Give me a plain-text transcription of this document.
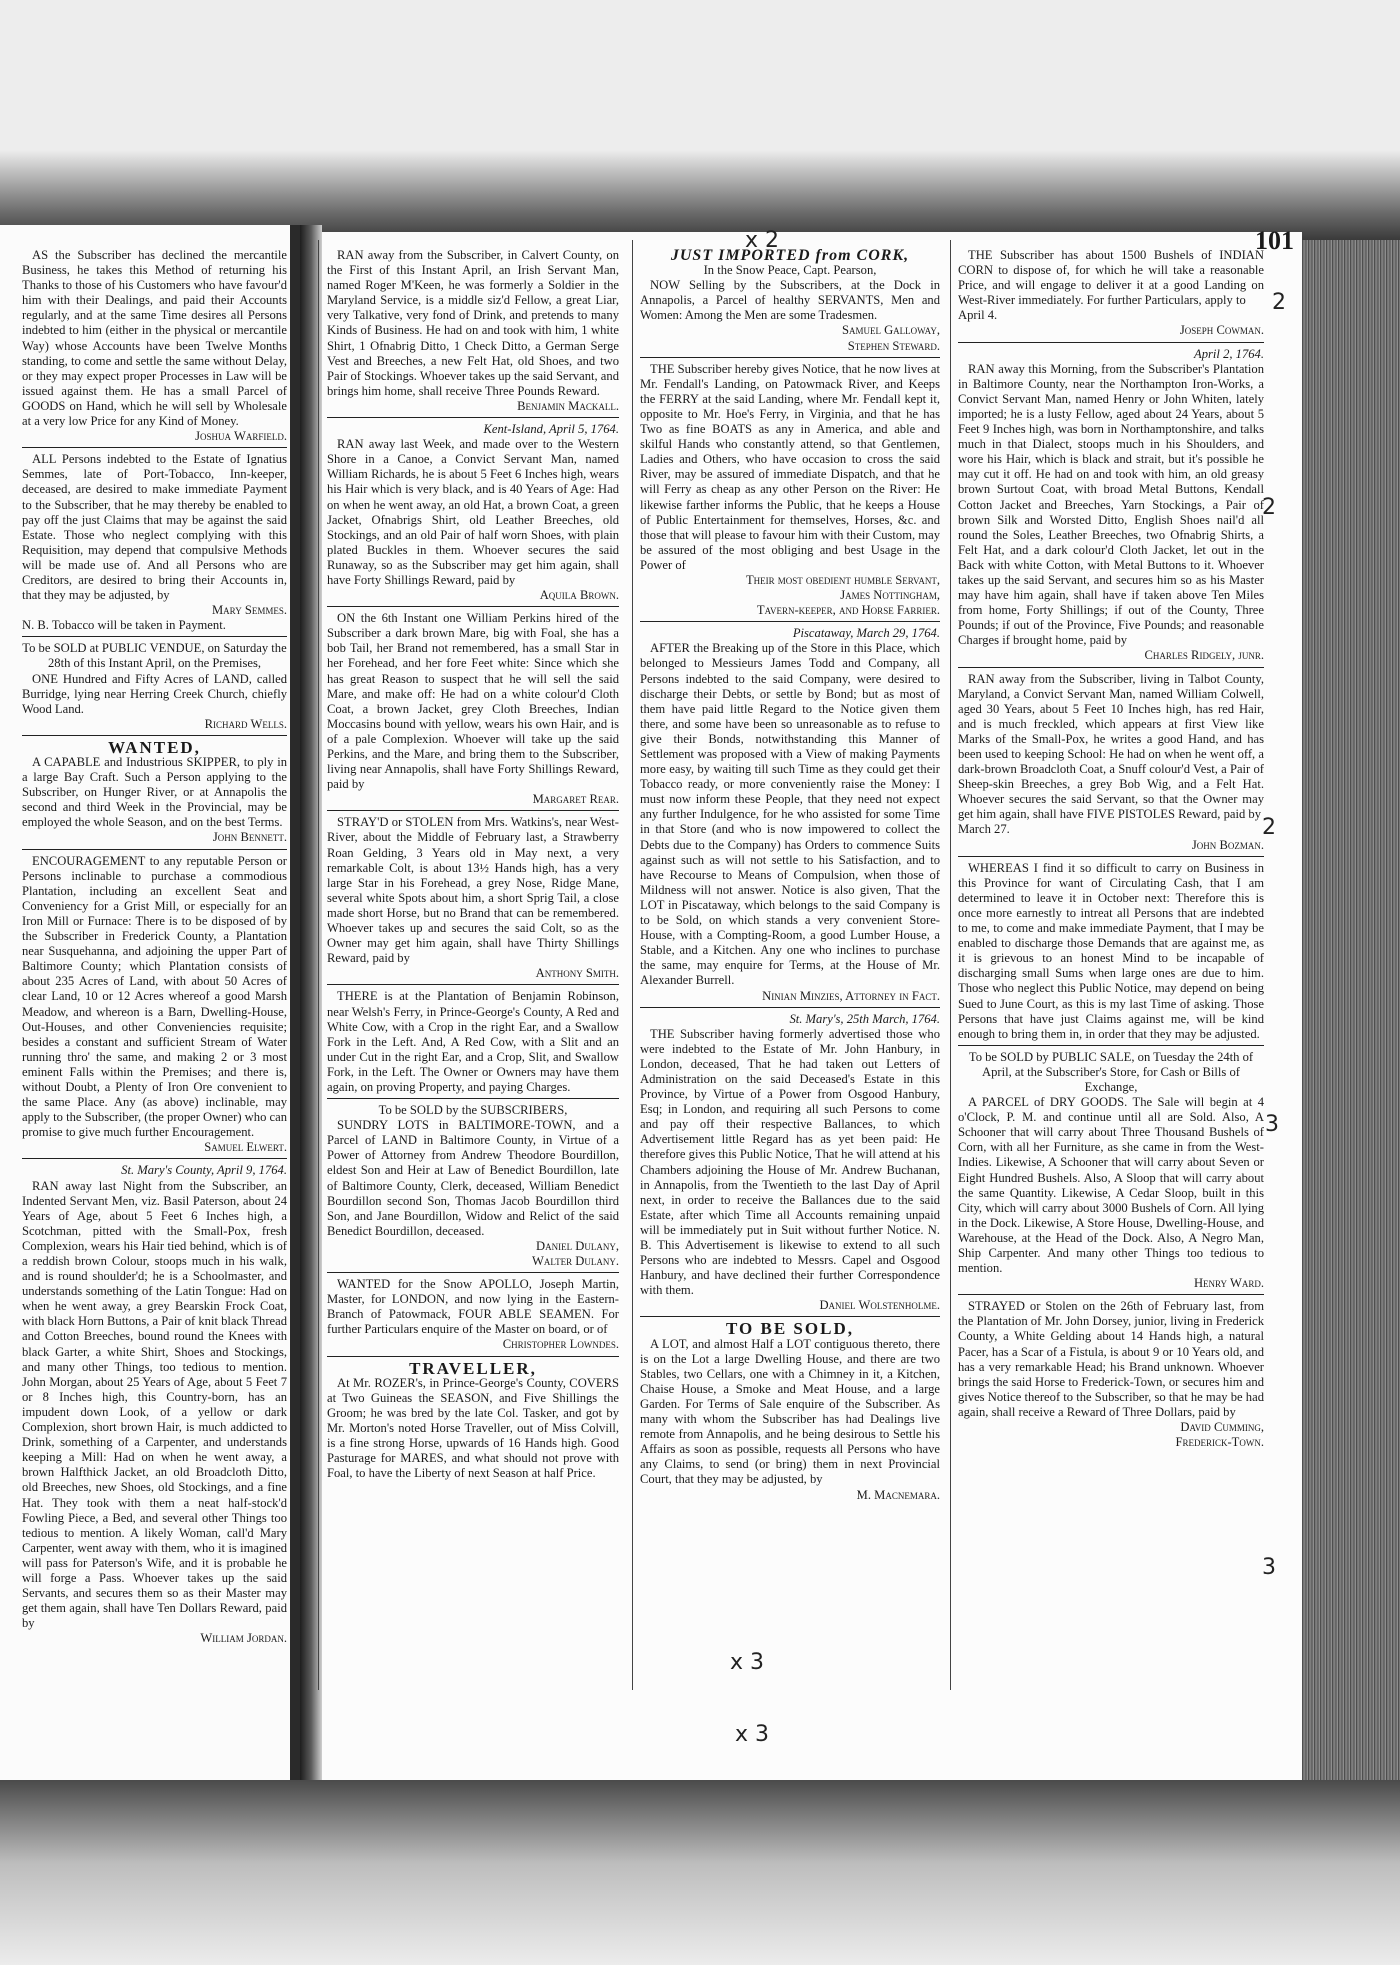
101

AS the Subscriber has declined the mercantile Business, he takes this Method of returning his Thanks to those of his Customers who have favour'd him with their Dealings, and paid their Accounts regularly, and at the same Time desires all Persons indebted to him (either in the physical or mercantile Way) whose Accounts have been Twelve Months standing, to come and settle the same without Delay, or they may expect proper Processes in Law will be issued against them. He has a small Parcel of GOODS on Hand, which he will sell by Wholesale at a very low Price for any Kind of Money.

Joshua Warfield.

ALL Persons indebted to the Estate of Ignatius Semmes, late of Port-Tobacco, Inn-keeper, deceased, are desired to make immediate Payment to the Subscriber, that he may thereby be enabled to pay off the just Claims that may be against the said Estate. Those who neglect complying with this Requisition, may depend that compulsive Methods will be made use of. And all Persons who are Creditors, are desired to bring their Accounts in, that they may be adjusted, by

Mary Semmes.

N. B. Tobacco will be taken in Payment.

To be SOLD at PUBLIC VENDUE, on Saturday the 28th of this Instant April, on the Premises,

ONE Hundred and Fifty Acres of LAND, called Burridge, lying near Herring Creek Church, chiefly Wood Land.

Richard Wells.

WANTED,

A CAPABLE and Industrious SKIPPER, to ply in a large Bay Craft. Such a Person applying to the Subscriber, on Hunger River, or at Annapolis the second and third Week in the Provincial, may be employed the whole Season, and on the best Terms.

John Bennett.

ENCOURAGEMENT to any reputable Person or Persons inclinable to purchase a commodious Plantation, including an excellent Seat and Conveniency for a Grist Mill, or especially for an Iron Mill or Furnace: There is to be disposed of by the Subscriber in Frederick County, a Plantation near Susquehanna, and adjoining the upper Part of Baltimore County; which Plantation consists of about 235 Acres of Land, with about 50 Acres of clear Land, 10 or 12 Acres whereof a good Marsh Meadow, and whereon is a Barn, Dwelling-House, Out-Houses, and other Conveniencies requisite; besides a constant and sufficient Stream of Water running thro' the same, and making 2 or 3 most eminent Falls within the Premises; and there is, without Doubt, a Plenty of Iron Ore convenient to the same Place. Any (as above) inclinable, may apply to the Subscriber, (the proper Owner) who can promise to give much further Encouragement.

Samuel Elwert.

St. Mary's County, April 9, 1764.

RAN away last Night from the Subscriber, an Indented Servant Men, viz. Basil Paterson, about 24 Years of Age, about 5 Feet 6 Inches high, a Scotchman, pitted with the Small-Pox, fresh Complexion, wears his Hair tied behind, which is of a reddish brown Colour, stoops much in his walk, and is round shoulder'd; he is a Schoolmaster, and understands something of the Latin Tongue: Had on when he went away, a grey Bearskin Frock Coat, with black Horn Buttons, a Pair of knit black Thread and Cotton Breeches, bound round the Knees with black Garter, a white Shirt, Shoes and Stockings, and many other Things, too tedious to mention. John Morgan, about 25 Years of Age, about 5 Feet 7 or 8 Inches high, this Country-born, has an impudent down Look, of a yellow or dark Complexion, short brown Hair, is much addicted to Drink, something of a Carpenter, and understands keeping a Mill: Had on when he went away, a brown Halfthick Jacket, an old Broadcloth Ditto, old Breeches, new Shoes, old Stockings, and a fine Hat. They took with them a neat half-stock'd Fowling Piece, a Bed, and several other Things too tedious to mention. A likely Woman, call'd Mary Carpenter, went away with them, who it is imagined will pass for Paterson's Wife, and it is probable he will forge a Pass. Whoever takes up the said Servants, and secures them so as their Master may get them again, shall have Ten Dollars Reward, paid by

William Jordan.

RAN away from the Subscriber, in Calvert County, on the First of this Instant April, an Irish Servant Man, named Roger M'Keen, he was formerly a Soldier in the Maryland Service, is a middle siz'd Fellow, a great Liar, very Talkative, very fond of Drink, and pretends to many Kinds of Business. He had on and took with him, 1 white Shirt, 1 Ofnabrig Ditto, 1 Check Ditto, a German Serge Vest and Breeches, a new Felt Hat, old Shoes, and two Pair of Stockings. Whoever takes up the said Servant, and brings him home, shall receive Three Pounds Reward.

Benjamin Mackall.

Kent-Island, April 5, 1764.

RAN away last Week, and made over to the Western Shore in a Canoe, a Convict Servant Man, named William Richards, he is about 5 Feet 6 Inches high, wears his Hair which is very black, and is 40 Years of Age: Had on when he went away, an old Hat, a brown Coat, a green Jacket, Ofnabrigs Shirt, old Leather Breeches, old Stockings, and an old Pair of half worn Shoes, with plain plated Buckles in them. Whoever secures the said Runaway, so as the Subscriber may get him again, shall have Forty Shillings Reward, paid by

Aquila Brown.

ON the 6th Instant one William Perkins hired of the Subscriber a dark brown Mare, big with Foal, she has a bob Tail, her Brand not remembered, has a small Star in her Forehead, and her fore Feet white: Since which she has great Reason to suspect that he will sell the said Mare, and make off: He had on a white colour'd Cloth Coat, a brown Jacket, grey Cloth Breeches, Indian Moccasins bound with yellow, wears his own Hair, and is of a pale Complexion. Whoever will take up the said Perkins, and the Mare, and bring them to the Subscriber, living near Annapolis, shall have Forty Shillings Reward, paid by

Margaret Rear.

STRAY'D or STOLEN from Mrs. Watkins's, near West-River, about the Middle of February last, a Strawberry Roan Gelding, 3 Years old in May next, a very remarkable Colt, is about 13½ Hands high, has a very large Star in his Forehead, a grey Nose, Ridge Mane, several white Spots about him, a short Sprig Tail, a close made short Horse, but no Brand that can be remembered. Whoever takes up and secures the said Colt, so as the Owner may get him again, shall have Thirty Shillings Reward, paid by

Anthony Smith.

THERE is at the Plantation of Benjamin Robinson, near Welsh's Ferry, in Prince-George's County, A Red and White Cow, with a Crop in the right Ear, and a Swallow Fork in the Left. And, A Red Cow, with a Slit and an under Cut in the right Ear, and a Crop, Slit, and Swallow Fork, in the Left. The Owner or Owners may have them again, on proving Property, and paying Charges.

To be SOLD by the SUBSCRIBERS,

SUNDRY LOTS in BALTIMORE-TOWN, and a Parcel of LAND in Baltimore County, in Virtue of a Power of Attorney from Andrew Theodore Bourdillon, eldest Son and Heir at Law of Benedict Bourdillon, late of Baltimore County, Clerk, deceased, William Benedict Bourdillon second Son, Thomas Jacob Bourdillon third Son, and Jane Bourdillon, Widow and Relict of the said Benedict Bourdillon, deceased.

Daniel Dulany,

Walter Dulany.

WANTED for the Snow APOLLO, Joseph Martin, Master, for LONDON, and now lying in the Eastern-Branch of Patowmack, FOUR ABLE SEAMEN. For further Particulars enquire of the Master on board, or of

Christopher Lowndes.

TRAVELLER,

At Mr. ROZER's, in Prince-George's County, COVERS at Two Guineas the SEASON, and Five Shillings the Groom; he was bred by the late Col. Tasker, and got by Mr. Morton's noted Horse Traveller, out of Miss Colvill, is a fine strong Horse, upwards of 16 Hands high. Good Pasturage for MARES, and what should not prove with Foal, to have the Liberty of next Season at half Price.

JUST IMPORTED from CORK,

In the Snow Peace, Capt. Pearson,

NOW Selling by the Subscribers, at the Dock in Annapolis, a Parcel of healthy SERVANTS, Men and Women: Among the Men are some Tradesmen.

Samuel Galloway,

Stephen Steward.

THE Subscriber hereby gives Notice, that he now lives at Mr. Fendall's Landing, on Patowmack River, and Keeps the FERRY at the said Landing, where Mr. Fendall kept it, opposite to Mr. Hoe's Ferry, in Virginia, and that he has Two as fine BOATS as any in America, and able and skilful Hands who constantly attend, so that Gentlemen, Ladies and Others, who have occasion to cross the said River, may be assured of immediate Dispatch, and that he will Ferry as cheap as any other Person on the River: He likewise farther informs the Public, that he keeps a House of Public Entertainment for themselves, Horses, &c. and those that will please to favour him with their Custom, may be assured of the most obliging and best Usage in the Power of

Their most obedient humble Servant,

James Nottingham,

Tavern-keeper, and Horse Farrier.

Piscataway, March 29, 1764.

AFTER the Breaking up of the Store in this Place, which belonged to Messieurs James Todd and Company, all Persons indebted to the said Company, were desired to discharge their Debts, or settle by Bond; but as most of them have paid little Regard to the Notice given them there, and some have been so unreasonable as to refuse to give their Bonds, notwithstanding this Manner of Settlement was proposed with a View of making Payments more easy, by waiting till such Time as they could get their Tobacco ready, or more conveniently raise the Money: I must now inform these People, that they need not expect any further Indulgence, for he who assisted for some Time in that Store (and who is now impowered to collect the Debts due to the Company) has Orders to commence Suits against such as will not settle to his Satisfaction, and to have Recourse to Means of Compulsion, when those of Mildness will not answer. Notice is also given, That the LOT in Piscataway, which belongs to the said Company is to be Sold, on which stands a very convenient Store-House, with a Compting-Room, a good Lumber House, a Stable, and a Kitchen. Any one who inclines to purchase the same, may enquire for Terms, at the House of Mr. Alexander Burrell.

Ninian Minzies, Attorney in Fact.

St. Mary's, 25th March, 1764.

THE Subscriber having formerly advertised those who were indebted to the Estate of Mr. John Hanbury, in London, deceased, That he had taken out Letters of Administration on the said Deceased's Estate in this Province, by Virtue of a Power from Osgood Hanbury, Esq; in London, and requiring all such Persons to come and pay off their respective Ballances, to which Advertisement little Regard has as yet been paid: He therefore gives this Public Notice, That he will attend at his Chambers adjoining the House of Mr. Andrew Buchanan, in Annapolis, from the Twentieth to the last Day of April next, in order to receive the Ballances due to the said Estate, after which Time all Accounts remaining unpaid will be immediately put in Suit without further Notice. N. B. This Advertisement is likewise to extend to all such Persons who are indebted to Messrs. Capel and Osgood Hanbury, and have declined their further Correspondence with them.

Daniel Wolstenholme.

TO BE SOLD,

A LOT, and almost Half a LOT contiguous thereto, there is on the Lot a large Dwelling House, and there are two Stables, two Cellars, one with a Chimney in it, a Kitchen, Chaise House, a Smoke and Meat House, and a large Garden. For Terms of Sale enquire of the Subscriber. As many with whom the Subscriber has had Dealings live remote from Annapolis, and he being desirous to Settle his Affairs as soon as possible, requests all Persons who have any Claims, to send (or bring) them in next Provincial Court, that they may be adjusted, by

M. Macnemara.

THE Subscriber has about 1500 Bushels of INDIAN CORN to dispose of, for which he will take a reasonable Price, and will engage to deliver it at a good Landing on West-River immediately. For further Particulars, apply to

April 4.

Joseph Cowman.

April 2, 1764.

RAN away this Morning, from the Subscriber's Plantation in Baltimore County, near the Northampton Iron-Works, a Convict Servant Man, named Henry or John Whiten, lately imported; he is a lusty Fellow, aged about 24 Years, about 5 Feet 9 Inches high, was born in Northamptonshire, and talks much in that Dialect, stoops much in his Shoulders, and wore his Hair, which is black and strait, but it's possible he may cut it off. He had on and took with him, an old greasy brown Surtout Coat, with broad Metal Buttons, Kendall Cotton Jacket and Breeches, Yarn Stockings, a Pair of brown Silk and Worsted Ditto, English Shoes nail'd all round the Soles, Leather Breeches, two Ofnabrig Shirts, a Felt Hat, and a dark colour'd Cloth Jacket, let out in the Back with white Cotton, with Metal Buttons to it. Whoever takes up the said Servant, and secures him so as his Master may have him again, shall have if taken above Ten Miles from home, Forty Shillings; if out of the County, Three Pounds; if out of the Province, Five Pounds; and reasonable Charges if brought home, paid by

Charles Ridgely, junr.

RAN away from the Subscriber, living in Talbot County, Maryland, a Convict Servant Man, named William Colwell, aged 30 Years, about 5 Feet 10 Inches high, has red Hair, and is much freckled, which appears at first View like Marks of the Small-Pox, he writes a good Hand, and has been used to keeping School: He had on when he went off, a dark-brown Broadcloth Coat, a Snuff colour'd Vest, a Pair of Sheep-skin Breeches, a grey Bob Wig, and a Felt Hat. Whoever secures the said Servant, so that the Owner may get him again, shall have FIVE PISTOLES Reward, paid by

March 27.

John Bozman.

WHEREAS I find it so difficult to carry on Business in this Province for want of Circulating Cash, that I am determined to leave it in October next: Therefore this is once more earnestly to intreat all Persons that are indebted to me, to come and make immediate Payment, that I may be enabled to discharge those Demands that are against me, as it is grievous to an honest Mind to be incapable of discharging small Sums when large ones are due to him. Those who neglect this Public Notice, may depend on being Sued to June Court, as this is my last Time of asking. Those Persons that have just Claims against me, will be kind enough to bring them in, in order that they may be adjusted.

To be SOLD by PUBLIC SALE, on Tuesday the 24th of April, at the Subscriber's Store, for Cash or Bills of Exchange,

A PARCEL of DRY GOODS. The Sale will begin at 4 o'Clock, P. M. and continue until all are Sold. Also, A Schooner that will carry about Three Thousand Bushels of Corn, with all her Furniture, as she came in from the West-Indies. Likewise, A Schooner that will carry about Seven or Eight Hundred Bushels. Also, A Sloop that will carry about the same Quantity. Likewise, A Cedar Sloop, built in this City, which will carry about 3000 Bushels of Corn. All lying in the Dock. Likewise, A Store House, Dwelling-House, and Warehouse, at the Head of the Dock. Also, A Negro Man, Ship Carpenter. And many other Things too tedious to mention.

Henry Ward.

STRAYED or Stolen on the 26th of February last, from the Plantation of Mr. John Dorsey, junior, living in Frederick County, a White Gelding about 14 Hands high, a natural Pacer, has a Scar of a Fistula, is about 9 or 10 Years old, and has a very remarkable Head; his Brand unknown. Whoever brings the said Horse to Frederick-Town, or secures him and gives Notice thereof to the Subscriber, so that he may be had again, shall receive a Reward of Three Dollars, paid by

David Cumming,

Frederick-Town.

x 2
x 3
x 3
2
2
2
3
3
